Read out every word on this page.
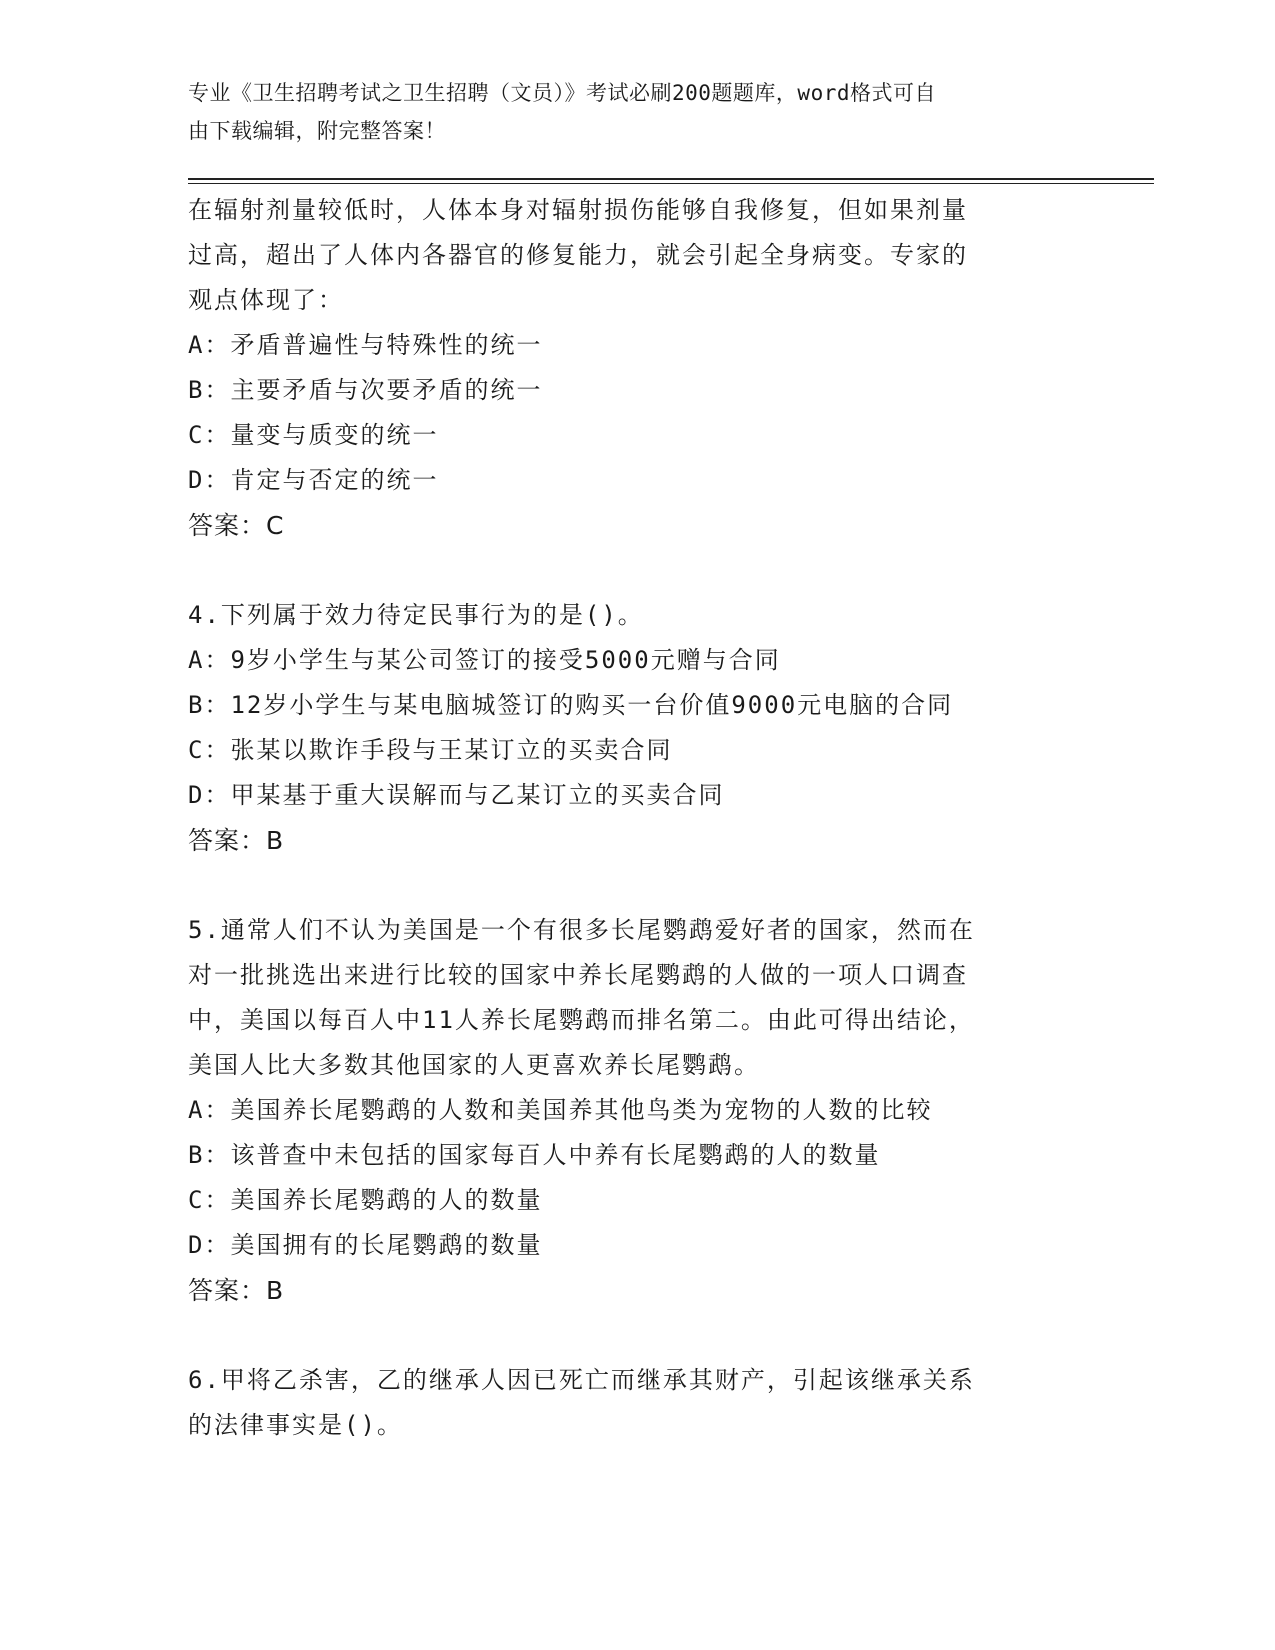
专业《卫生招聘考试之卫生招聘（文员）》考试必刷200题题库，word格式可自
由下载编辑，附完整答案！

在辐射剂量较低时，人体本身对辐射损伤能够自我修复，但如果剂量

过高，超出了人体内各器官的修复能力，就会引起全身病变。专家的

观点体现了：

A：矛盾普遍性与特殊性的统一

B：主要矛盾与次要矛盾的统一

C：量变与质变的统一

D：肯定与否定的统一

答案：C

4.下列属于效力待定民事行为的是()。

A：9岁小学生与某公司签订的接受5000元赠与合同

B：12岁小学生与某电脑城签订的购买一台价值9000元电脑的合同

C：张某以欺诈手段与王某订立的买卖合同

D：甲某基于重大误解而与乙某订立的买卖合同

答案：B

5.通常人们不认为美国是一个有很多长尾鹦鹉爱好者的国家，然而在

对一批挑选出来进行比较的国家中养长尾鹦鹉的人做的一项人口调查

中，美国以每百人中11人养长尾鹦鹉而排名第二。由此可得出结论，

美国人比大多数其他国家的人更喜欢养长尾鹦鹉。

A：美国养长尾鹦鹉的人数和美国养其他鸟类为宠物的人数的比较

B：该普查中未包括的国家每百人中养有长尾鹦鹉的人的数量

C：美国养长尾鹦鹉的人的数量

D：美国拥有的长尾鹦鹉的数量

答案：B

6.甲将乙杀害，乙的继承人因已死亡而继承其财产，引起该继承关系

的法律事实是()。
